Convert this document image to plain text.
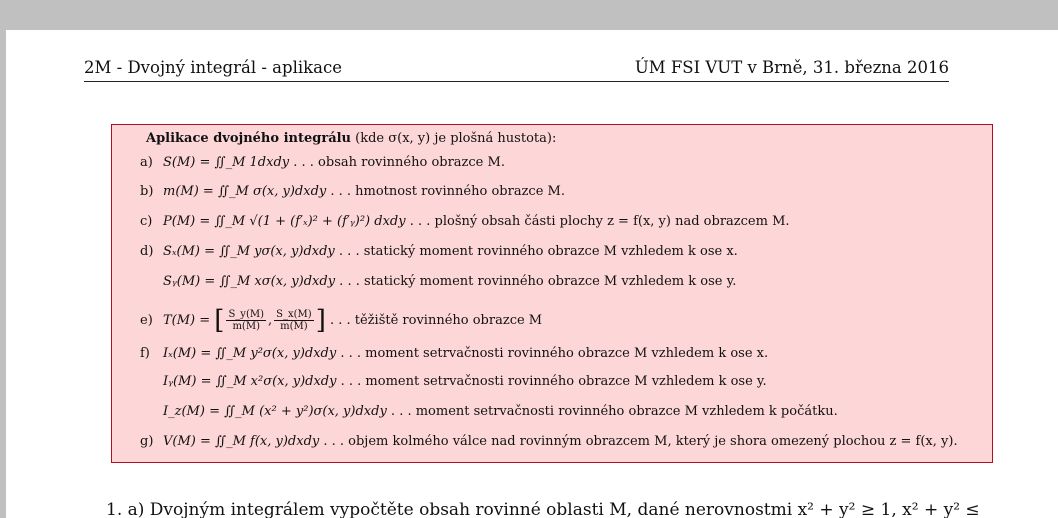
2M - Dvojný integrál - aplikace	ÚM FSI VUT v Brně, 31. března 2016
Aplikace dvojného integrálu (kde σ(x, y) je plošná hustota):
a) S(M) = ∬_M 1dxdy . . . obsah rovinného obrazce M.
b) m(M) = ∬_M σ(x, y)dxdy . . . hmotnost rovinného obrazce M.
c) P(M) = ∬_M √(1 + (f′ₓ)² + (f′ᵧ)²) dxdy . . . plošný obsah části plochy z = f(x, y) nad obrazcem M.
d) Sₓ(M) = ∬_M yσ(x, y)dxdy . . . statický moment rovinného obrazce M vzhledem k ose x.
Sᵧ(M) = ∬_M xσ(x, y)dxdy . . . statický moment rovinného obrazce M vzhledem k ose y.
e) T(M) = [ $\frac{S\_y(M)}{m(M)}$ , $\frac{S\_x(M)}{m(M)}$ ] . . . těžiště rovinného obrazce M
f) Iₓ(M) = ∬_M y²σ(x, y)dxdy . . . moment setrvačnosti rovinného obrazce M vzhledem k ose x.
Iᵧ(M) = ∬_M x²σ(x, y)dxdy . . . moment setrvačnosti rovinného obrazce M vzhledem k ose y.
I_z(M) = ∬_M (x² + y²)σ(x, y)dxdy . . . moment setrvačnosti rovinného obrazce M vzhledem k počátku.
g) V(M) = ∬_M f(x, y)dxdy . . . objem kolmého válce nad rovinným obrazcem M, který je shora omezený plochou z = f(x, y).
1. a) Dvojným integrálem vypočtěte obsah rovinné oblasti M, dané nerovnostmi x² + y² ≥ 1, x² + y² ≤
